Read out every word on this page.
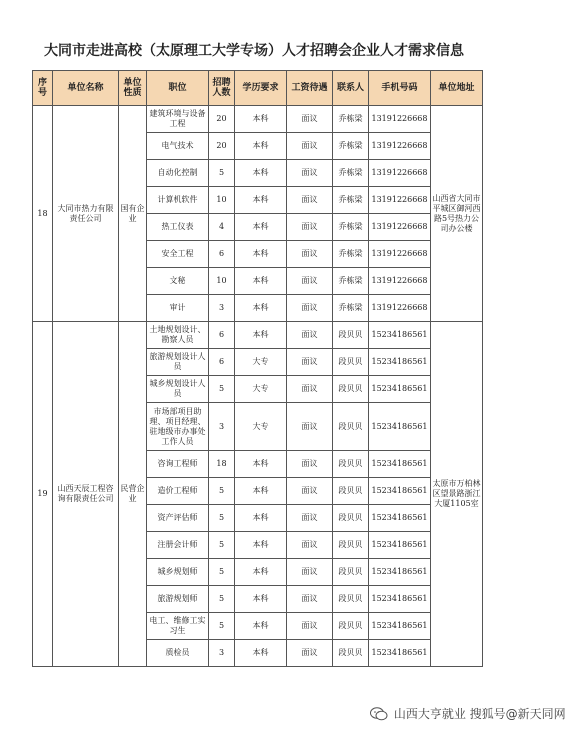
大同市走进高校（太原理工大学专场）人才招聘会企业人才需求信息
序号	单位名称	单位性质	职位	招聘人数	学历要求	工资待遇	联系人	手机号码	单位地址
18	大同市热力有限责任公司	国有企业	建筑环境与设备工程	20	本科	面议	乔栋梁	13191226668	山西省大同市平城区御河西路5号热力公司办公楼
			电气技术	20	本科	面议	乔栋梁	13191226668	
			自动化控制	5	本科	面议	乔栋梁	13191226668	
			计算机软件	10	本科	面议	乔栋梁	13191226668	
			热工仪表	4	本科	面议	乔栋梁	13191226668	
			安全工程	6	本科	面议	乔栋梁	13191226668	
			文秘	10	本科	面议	乔栋梁	13191226668	
			审计	3	本科	面议	乔栋梁	13191226668	
19	山西天辰工程咨询有限责任公司	民营企业	土地规划设计、勘察人员	6	本科	面议	段贝贝	15234186561	太原市万柏林区望景路浙江大厦1105室
			旅游规划设计人员	6	大专	面议	段贝贝	15234186561	
			城乡规划设计人员	5	大专	面议	段贝贝	15234186561	
			市场部项目助理、项目经理、驻地级市办事处工作人员	3	大专	面议	段贝贝	15234186561	
			咨询工程师	18	本科	面议	段贝贝	15234186561	
			造价工程师	5	本科	面议	段贝贝	15234186561	
			资产评估师	5	本科	面议	段贝贝	15234186561	
			注册会计师	5	本科	面议	段贝贝	15234186561	
			城乡规划师	5	本科	面议	段贝贝	15234186561	
			旅游规划师	5	本科	面议	段贝贝	15234186561	
			电工、维修工实习生	5	本科	面议	段贝贝	15234186561	
			质检员	3	本科	面议	段贝贝	15234186561	
山西大亨就业 搜狐号@新天同网
